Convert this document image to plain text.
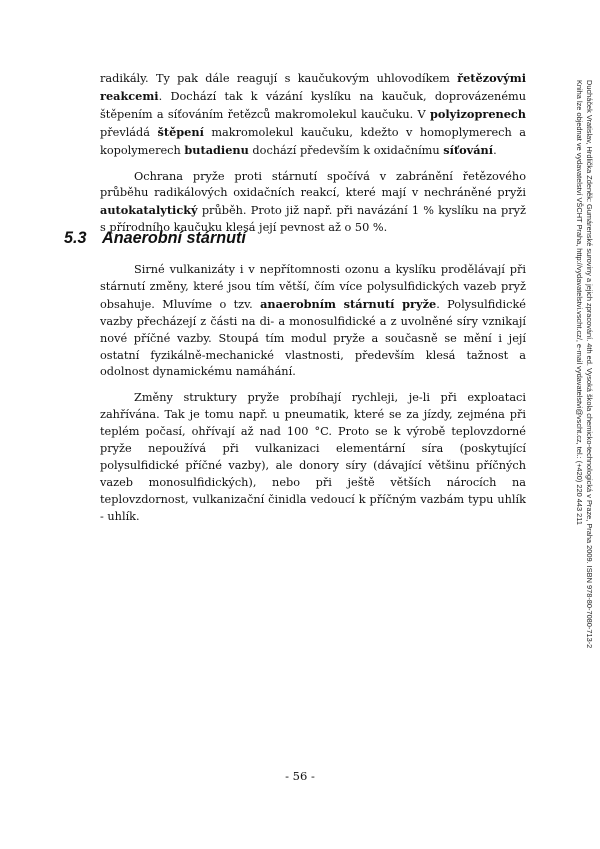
radikály. Ty pak dále reagují s kaučukovým uhlovodíkem řetězovými reakcemi. Dochází tak k vázání kyslíku na kaučuk, doprovázenému štěpením a síťováním řetězců makromolekul kaučuku. V polyizoprenech převládá štěpení makromolekul kaučuku, kdežto v homoplymerech a kopolymerech butadienu dochází především k oxidačnímu síťování.

Ochrana pryže proti stárnutí spočívá v zabránění řetězového průběhu radikálových oxidačních reakcí, které mají v nechráněné pryži autokatalytický průběh. Proto již např. při navázání 1 % kyslíku na pryž s přírodního kaučuku klesá její pevnost až o 50 %.

5.3 Anaerobní stárnutí

Sirné vulkanizáty i v nepřítomnosti ozonu a kyslíku prodělávají při stárnutí změny, které jsou tím větší, čím více polysulfidických vazeb pryž obsahuje. Mluvíme o tzv. anaerobním stárnutí pryže. Polysulfidické vazby přecházejí z části na di- a monosulfidické a z uvolněné síry vznikají nové příčné vazby. Stoupá tím modul pryže a současně se mění i její ostatní fyzikálně-mechanické vlastnosti, především klesá tažnost a odolnost dynamickému namáhání.

Změny struktury pryže probíhají rychleji, je-li při exploataci zahřívána. Tak je tomu např. u pneumatik, které se za jízdy, zejména při teplém počasí, ohřívají až nad 100 °C. Proto se k výrobě teplovzdorné pryže nepoužívá při vulkanizaci elementární síra (poskytující polysulfidické příčné vazby), ale donory síry (dávající většinu příčných vazeb monosulfidických), nebo při ještě větších nárocích na teplovzdornost, vulkanizační činidla vedoucí k příčným vazbám typu uhlík - uhlík.

- 56 -
Ducháček Vratislav, Hrdlička Zdeněk: Gumárenské suroviny a jejich zpracování. 4th ed. Vysoká škola chemicko-technologická v Praze, Praha 2009. ISBN 978-80-7080-713-2
Kniha lze objednat ve vydavatelství VŠCHT Praha, http://vydavatelstvi.vscht.cz/, e-mail vydavatelstvi@vscht.cz, tel.: (+420) 220 443 211
